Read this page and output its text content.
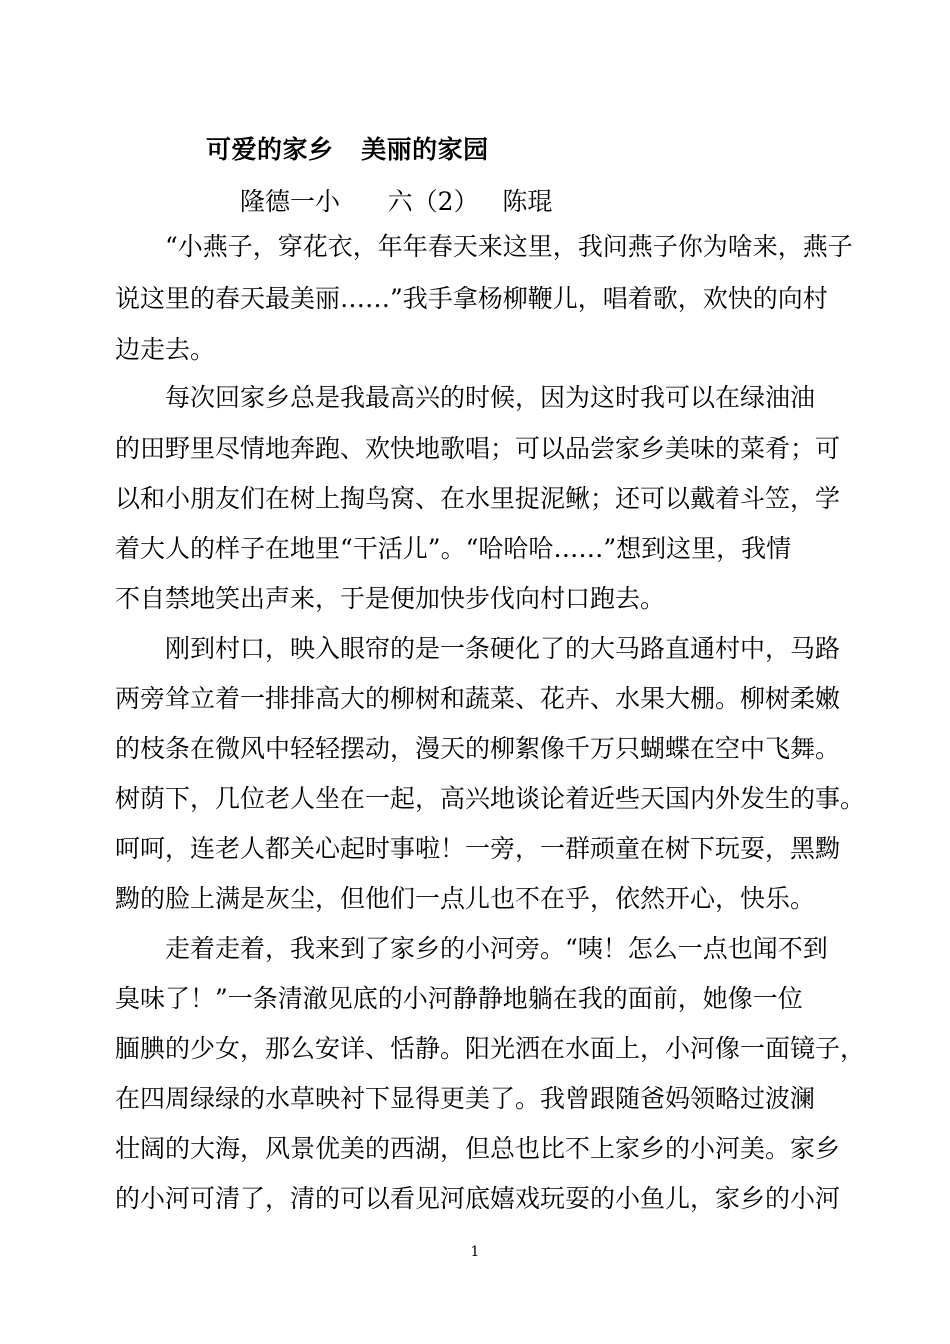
可爱的家乡   美丽的家园
隆德一小      六（2）   陈琨
“小燕子，穿花衣，年年春天来这里，我问燕子你为啥来，燕子
说这里的春天最美丽……”我手拿杨柳鞭儿，唱着歌，欢快的向村
边走去。
每次回家乡总是我最高兴的时候，因为这时我可以在绿油油
的田野里尽情地奔跑、欢快地歌唱；可以品尝家乡美味的菜肴；可
以和小朋友们在树上掏鸟窝、在水里捉泥鳅；还可以戴着斗笠，学
着大人的样子在地里“干活儿”。“哈哈哈……”想到这里，我情
不自禁地笑出声来，于是便加快步伐向村口跑去。
刚到村口，映入眼帘的是一条硬化了的大马路直通村中，马路
两旁耸立着一排排高大的柳树和蔬菜、花卉、水果大棚。柳树柔嫩
的枝条在微风中轻轻摆动，漫天的柳絮像千万只蝴蝶在空中飞舞。
树荫下，几位老人坐在一起，高兴地谈论着近些天国内外发生的事。
呵呵，连老人都关心起时事啦！一旁，一群顽童在树下玩耍，黑黝
黝的脸上满是灰尘，但他们一点儿也不在乎，依然开心，快乐。
走着走着，我来到了家乡的小河旁。“咦！怎么一点也闻不到
臭味了！”一条清澈见底的小河静静地躺在我的面前，她像一位
腼腆的少女，那么安详、恬静。阳光洒在水面上，小河像一面镜子，
在四周绿绿的水草映衬下显得更美了。我曾跟随爸妈领略过波澜
壮阔的大海，风景优美的西湖，但总也比不上家乡的小河美。家乡
的小河可清了，清的可以看见河底嬉戏玩耍的小鱼儿，家乡的小河
1
